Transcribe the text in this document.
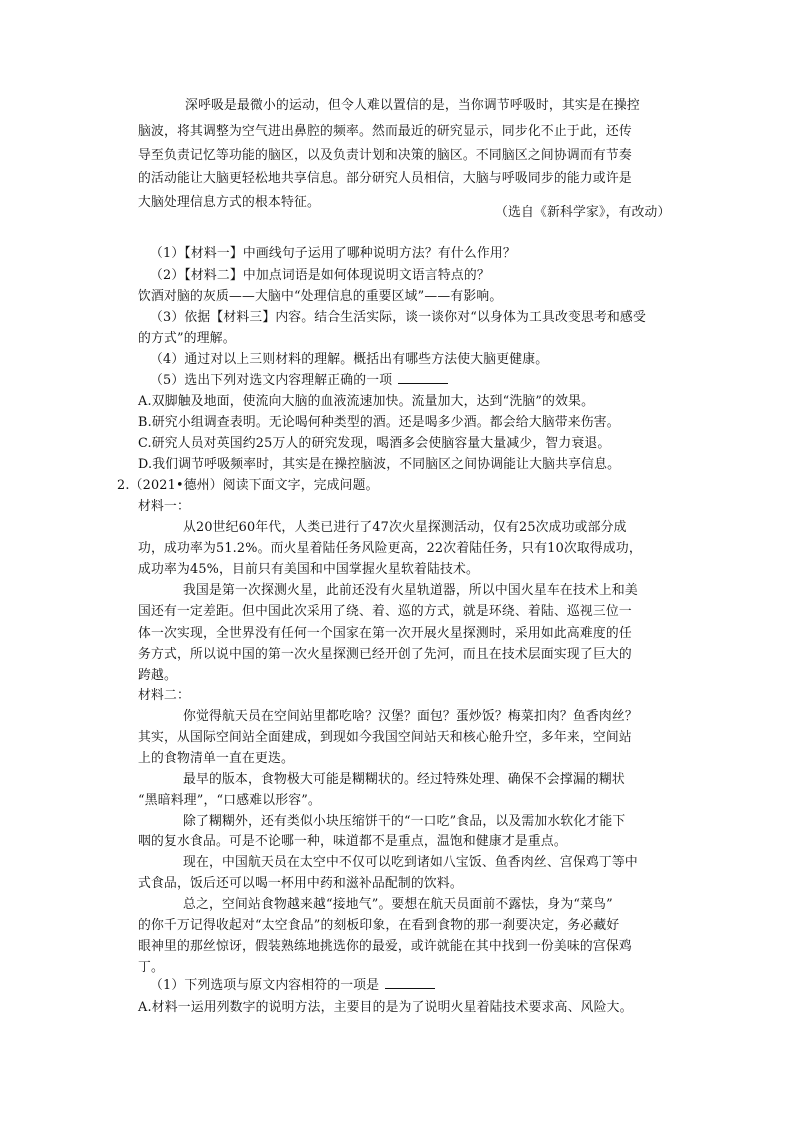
深呼吸是最微小的运动，但令人难以置信的是，当你调节呼吸时，其实是在操控
脑波，将其调整为空气进出鼻腔的频率。然而最近的研究显示，同步化不止于此，还传
导至负责记忆等功能的脑区，以及负责计划和决策的脑区。不同脑区之间协调而有节奏
的活动能让大脑更轻松地共享信息。部分研究人员相信，大脑与呼吸同步的能力或许是
大脑处理信息方式的根本特征。
（选自《新科学家》，有改动）
（1）【材料一】中画线句子运用了哪种说明方法？有什么作用？
（2）【材料二】中加点词语是如何体现说明文语言特点的？
饮酒对脑的灰质——大脑中“处理信息的重要区域”——有影响。
（3）依据【材料三】内容。结合生活实际，谈一谈你对“以身体为工具改变思考和感受
的方式”的理解。
（4）通过对以上三则材料的理解。概括出有哪些方法使大脑更健康。
（5）选出下列对选文内容理解正确的一项
A.双脚触及地面，使流向大脑的血液流速加快。流量加大，达到“洗脑”的效果。
B.研究小组调查表明。无论喝何种类型的酒。还是喝多少酒。都会给大脑带来伤害。
C.研究人员对英国约25万人的研究发现，喝酒多会使脑容量大量减少，智力衰退。
D.我们调节呼吸频率时，其实是在操控脑波，不同脑区之间协调能让大脑共享信息。
2.（2021•德州）阅读下面文字，完成问题。
材料一：
从20世纪60年代，人类已进行了47次火星探测活动，仅有25次成功或部分成
功，成功率为51.2%。而火星着陆任务风险更高，22次着陆任务，只有10次取得成功，
成功率为45%，目前只有美国和中国掌握火星软着陆技术。
我国是第一次探测火星，此前还没有火星轨道器，所以中国火星车在技术上和美
国还有一定差距。但中国此次采用了绕、着、巡的方式，就是环绕、着陆、巡视三位一
体一次实现，全世界没有任何一个国家在第一次开展火星探测时，采用如此高难度的任
务方式，所以说中国的第一次火星探测已经开创了先河，而且在技术层面实现了巨大的
跨越。
材料二：
你觉得航天员在空间站里都吃啥？汉堡？面包？蛋炒饭？梅菜扣肉？鱼香肉丝？
其实，从国际空间站全面建成，到现如今我国空间站天和核心舱升空，多年来，空间站
上的食物清单一直在更迭。
最早的版本，食物极大可能是糊糊状的。经过特殊处理、确保不会撑漏的糊状
“黑暗料理”，“口感难以形容”。
除了糊糊外，还有类似小块压缩饼干的“一口吃”食品，以及需加水软化才能下
咽的复水食品。可是不论哪一种，味道都不是重点，温饱和健康才是重点。
现在，中国航天员在太空中不仅可以吃到诸如八宝饭、鱼香肉丝、宫保鸡丁等中
式食品，饭后还可以喝一杯用中药和滋补品配制的饮料。
总之，空间站食物越来越“接地气”。要想在航天员面前不露怯，身为“菜鸟”
的你千万记得收起对“太空食品”的刻板印象，在看到食物的那一刹要决定，务必藏好
眼神里的那丝惊讶，假装熟练地挑选你的最爱，或许就能在其中找到一份美味的宫保鸡
丁。
（1）下列选项与原文内容相符的一项是
A.材料一运用列数字的说明方法，主要目的是为了说明火星着陆技术要求高、风险大。
